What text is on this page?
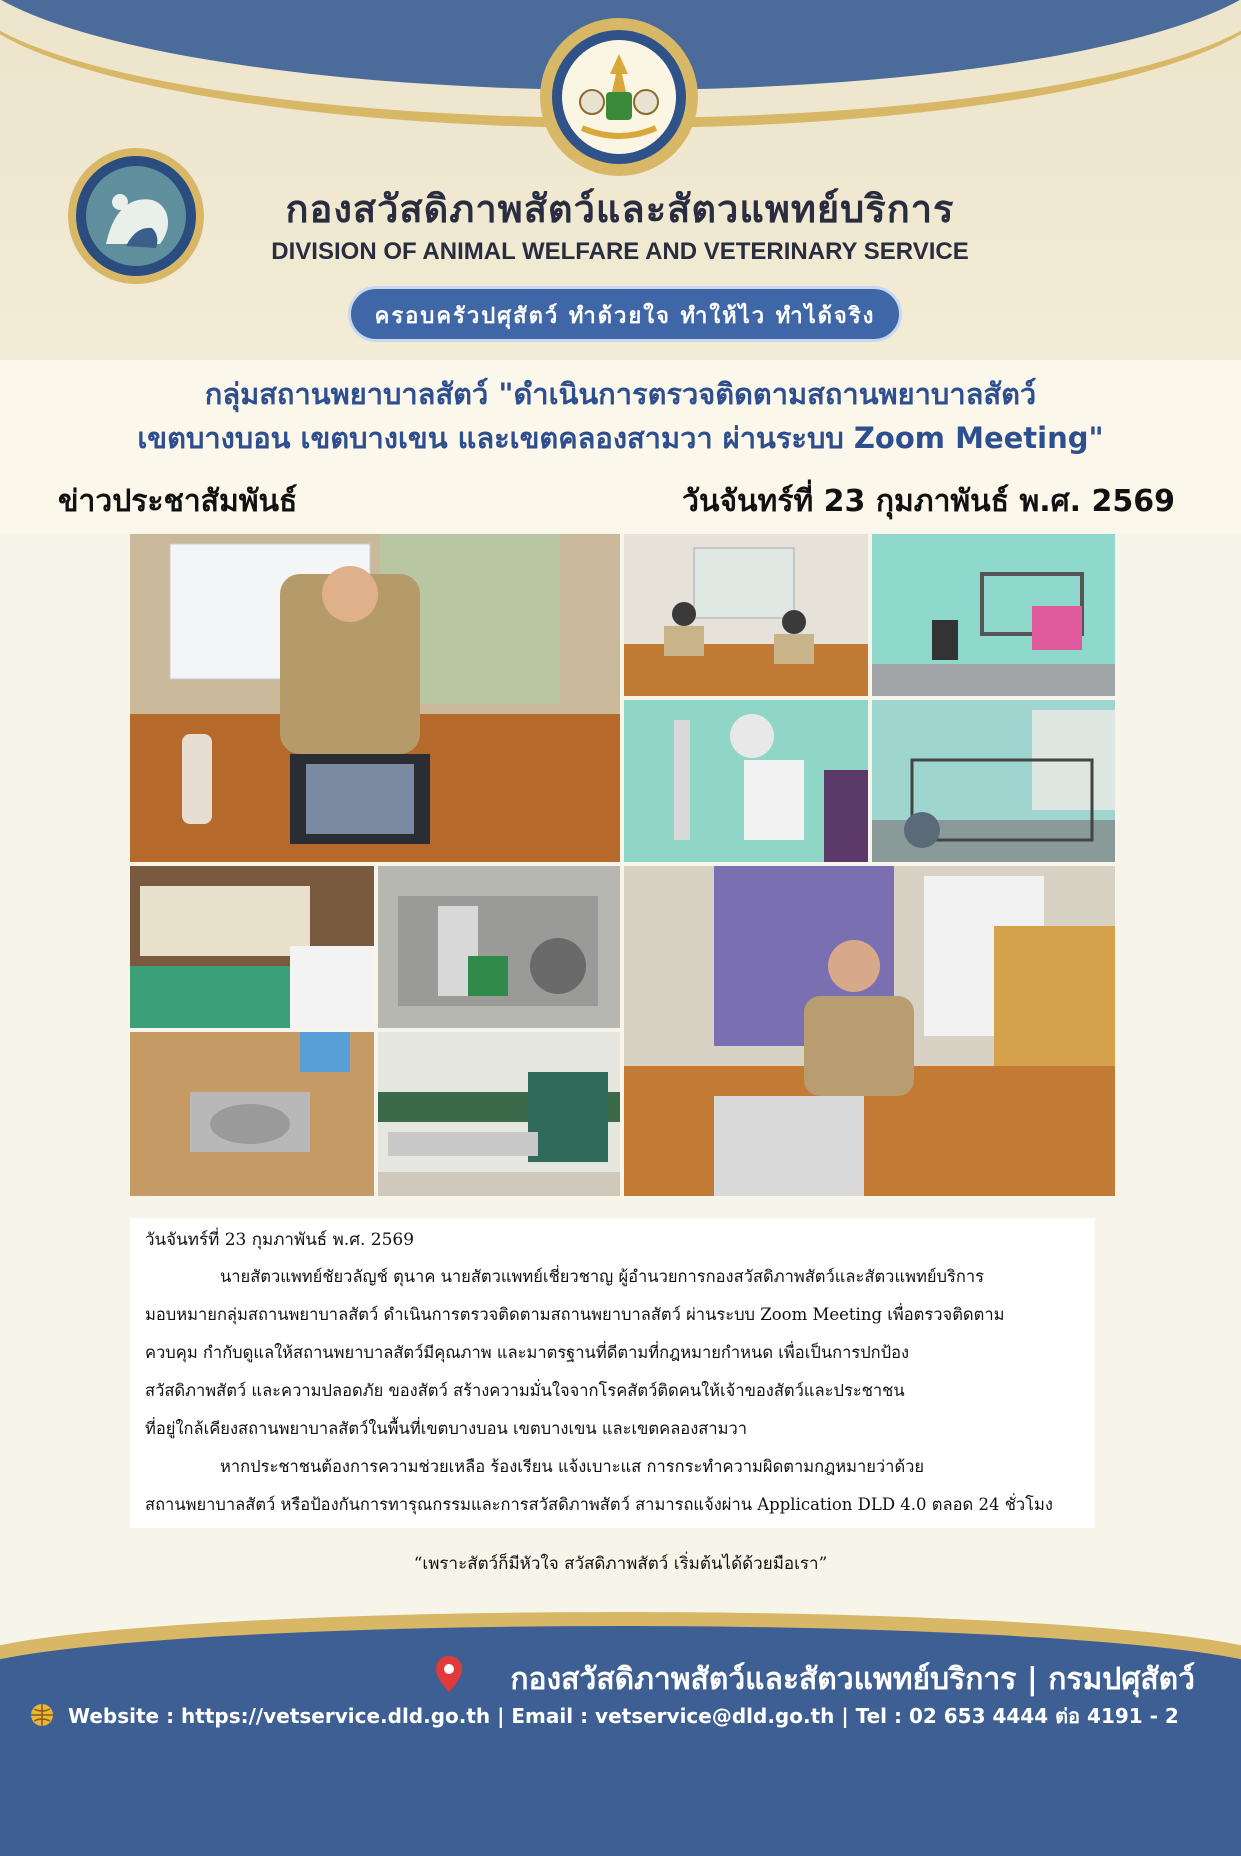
กองสวัสดิภาพสัตว์และสัตวแพทย์บริการ
DIVISION OF ANIMAL WELFARE AND VETERINARY SERVICE
ครอบครัวปศุสัตว์ ทำด้วยใจ ทำให้ไว ทำได้จริง
กลุ่มสถานพยาบาลสัตว์ "ดำเนินการตรวจติดตามสถานพยาบาลสัตว์
เขตบางบอน เขตบางเขน และเขตคลองสามวา ผ่านระบบ Zoom Meeting"
ข่าวประชาสัมพันธ์	วันจันทร์ที่ 23 กุมภาพันธ์ พ.ศ. 2569
วันจันทร์ที่ 23 กุมภาพันธ์ พ.ศ. 2569
นายสัตวแพทย์ชัยวลัญช์ ตุนาค นายสัตวแพทย์เชี่ยวชาญ ผู้อำนวยการกองสวัสดิภาพสัตว์และสัตวแพทย์บริการ
มอบหมายกลุ่มสถานพยาบาลสัตว์ ดำเนินการตรวจติดตามสถานพยาบาลสัตว์ ผ่านระบบ Zoom Meeting เพื่อตรวจติดตาม
ควบคุม กำกับดูแลให้สถานพยาบาลสัตว์มีคุณภาพ และมาตรฐานที่ดีตามที่กฎหมายกำหนด เพื่อเป็นการปกป้อง
สวัสดิภาพสัตว์ และความปลอดภัย ของสัตว์ สร้างความมั่นใจจากโรคสัตว์ติดคนให้เจ้าของสัตว์และประชาชน
ที่อยู่ใกล้เคียงสถานพยาบาลสัตว์ในพื้นที่เขตบางบอน เขตบางเขน และเขตคลองสามวา
หากประชาชนต้องการความช่วยเหลือ ร้องเรียน แจ้งเบาะแส การกระทำความผิดตามกฎหมายว่าด้วย
สถานพยาบาลสัตว์ หรือป้องกันการทารุณกรรมและการสวัสดิภาพสัตว์ สามารถแจ้งผ่าน Application DLD 4.0 ตลอด 24 ชั่วโมง
“เพราะสัตว์ก็มีหัวใจ สวัสดิภาพสัตว์ เริ่มต้นได้ด้วยมือเรา”
กองสวัสดิภาพสัตว์และสัตวแพทย์บริการ | กรมปศุสัตว์
Website : https://vetservice.dld.go.th | Email : vetservice@dld.go.th | Tel : 02 653 4444 ต่อ 4191 - 2
